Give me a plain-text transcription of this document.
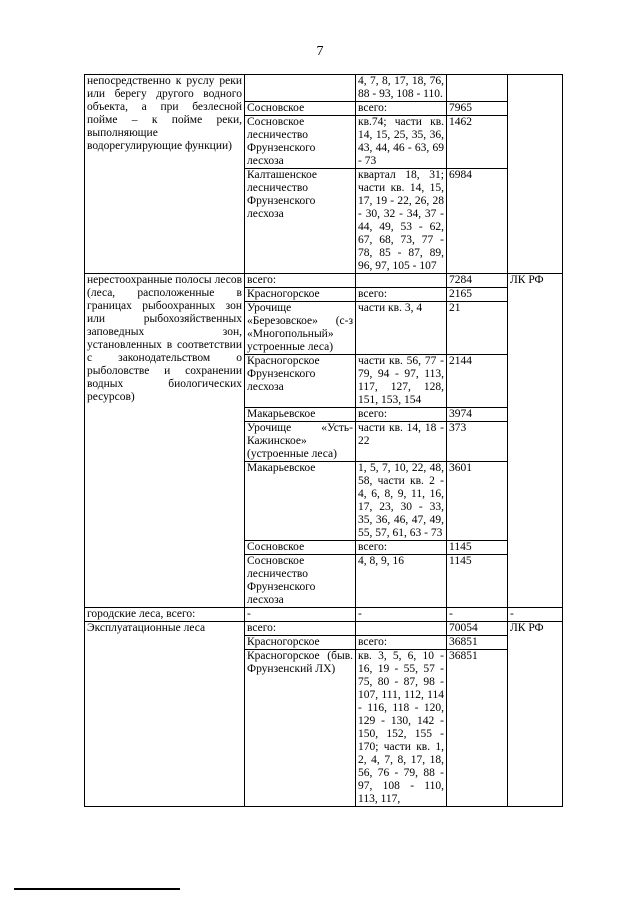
7
непосредственно к руслу реки или берегу другого водного объекта, а при безлесной пойме – к пойме реки, выполняющие водорегулирующие функции)		4, 7, 8, 17, 18, 76, 88 - 93, 108 - 110.		
	Сосновское	всего:	7965	
	Сосновское лесничество Фрунзенского лесхоза	кв.74; части кв. 14, 15, 25, 35, 36, 43, 44, 46 - 63, 69 - 73	1462	
	Калташенское лесничество Фрунзенского лесхоза	квартал 18, 31; части кв. 14, 15, 17, 19 - 22, 26, 28 - 30, 32 - 34, 37 - 44, 49, 53 - 62, 67, 68, 73, 77 - 78, 85 - 87, 89, 96, 97, 105 - 107	6984	
нерестоохранные полосы лесов (леса, расположенные в границах рыбоохранных зон или рыбохозяйственных заповедных зон, установленных в соответствии с законодательством о рыболовстве и сохранении водных биологических ресурсов)	всего:		7284	ЛК РФ
	Красногорское	всего:	2165	
	Урочище «Березовское» (с-з «Многопольный» устроенные леса)	части кв. 3, 4	21	
	Красногорское Фрунзенского лесхоза	части кв. 56, 77 - 79, 94 - 97, 113, 117, 127, 128, 151, 153, 154	2144	
	Макарьевское	всего:	3974	
	Урочище «Усть-Кажинское» (устроенные леса)	части кв. 14, 18 - 22	373	
	Макарьевское	1, 5, 7, 10, 22, 48, 58, части кв. 2 - 4, 6, 8, 9, 11, 16, 17, 23, 30 - 33, 35, 36, 46, 47, 49, 55, 57, 61, 63 - 73	3601	
	Сосновское	всего:	1145	
	Сосновское лесничество Фрунзенского лесхоза	4, 8, 9, 16	1145	
городские леса, всего:	-	-	-	-
Эксплуатационные леса	всего:		70054	ЛК РФ
	Красногорское	всего:	36851	
	Красногорское (быв. Фрунзенский ЛХ)	кв. 3, 5, 6, 10 - 16, 19 - 55, 57 - 75, 80 - 87, 98 - 107, 111, 112, 114 - 116, 118 - 120, 129 - 130, 142 - 150, 152, 155 - 170; части кв. 1, 2, 4, 7, 8, 17, 18, 56, 76 - 79, 88 - 97, 108 - 110, 113, 117,	36851	
